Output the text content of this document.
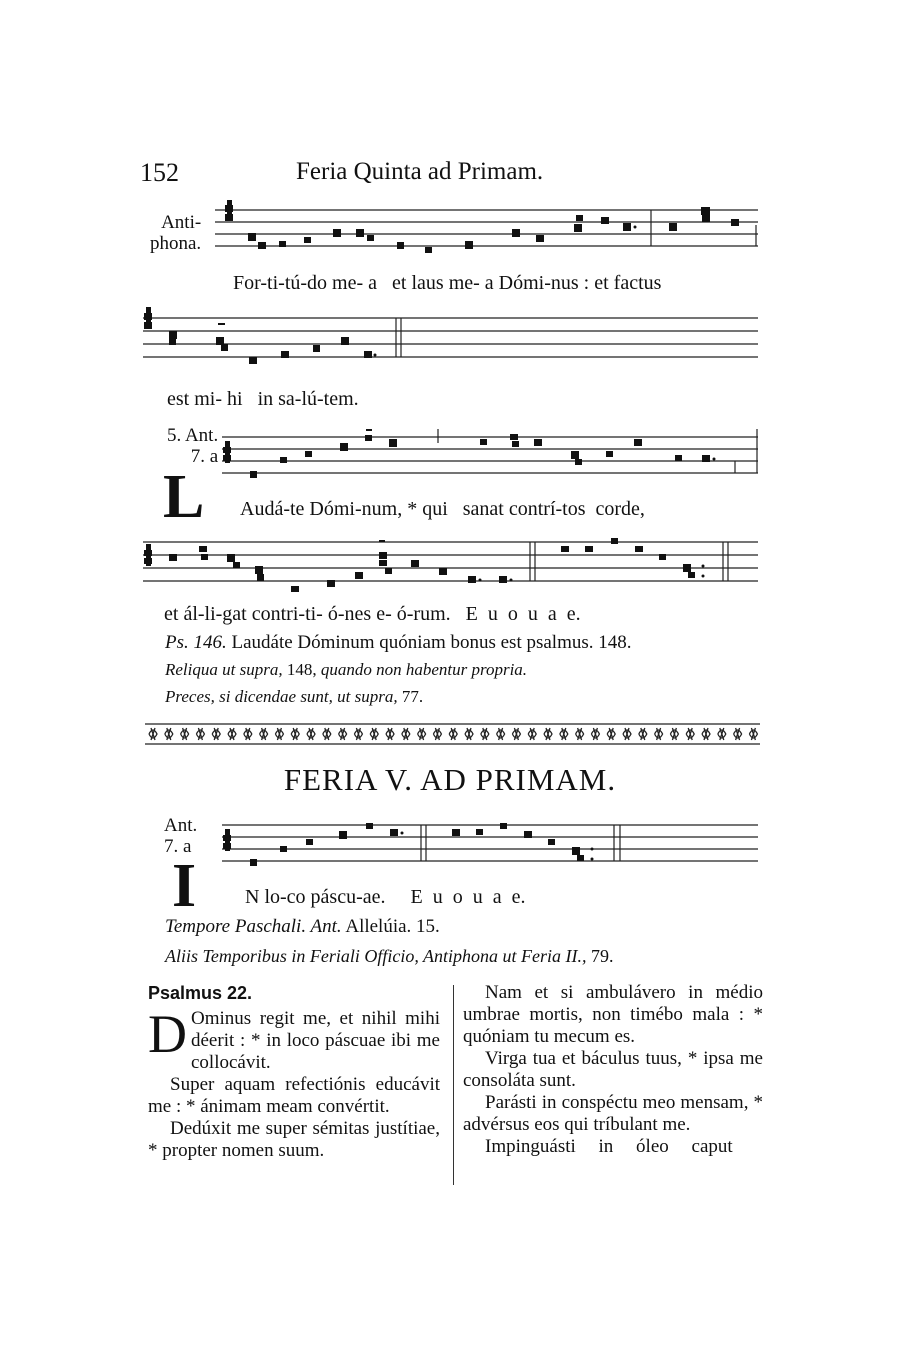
152	Feria Quinta ad Primam.
Anti-
phona.
For-ti-tú-do me- a et laus me- a Dómi-nus : et factus
est mi- hi in sa-lú-tem.
5. Ant.
7. a
L Audá-te Dómi-num, * qui sanat contrí-tos corde,
et ál-li-gat contri-ti- ó-nes e- ó-rum. E u o u a e.
Ps. 146. Laudáte Dóminum quóniam bonus est psalmus. 148.
Reliqua ut supra, 148, quando non habentur propria.
Preces, si dicendae sunt, ut supra, 77.
FERIA V. AD PRIMAM.
Ant.
7. a
I N lo-co páscu-ae. E u o u a e.
Tempore Paschali. Ant. Allelúia. 15.
Aliis Temporibus in Feriali Officio, Antiphona ut Feria II., 79.

Psalmus 22.

D Ominus regit me, et nihil mihi déerit : * in loco páscuae ibi me collocávit.

Super aquam refectiónis educávit me : * ánimam meam convértit.

Dedúxit me super sémitas justítiae, * propter nomen suum.

Nam et si ambulávero in médio umbrae mortis, non timébo mala : * quóniam tu mecum es.

Virga tua et báculus tuus, * ipsa me consoláta sunt.

Parásti in conspéctu meo mensam, * advérsus eos qui tríbulant me.

Impinguásti in óleo caput
